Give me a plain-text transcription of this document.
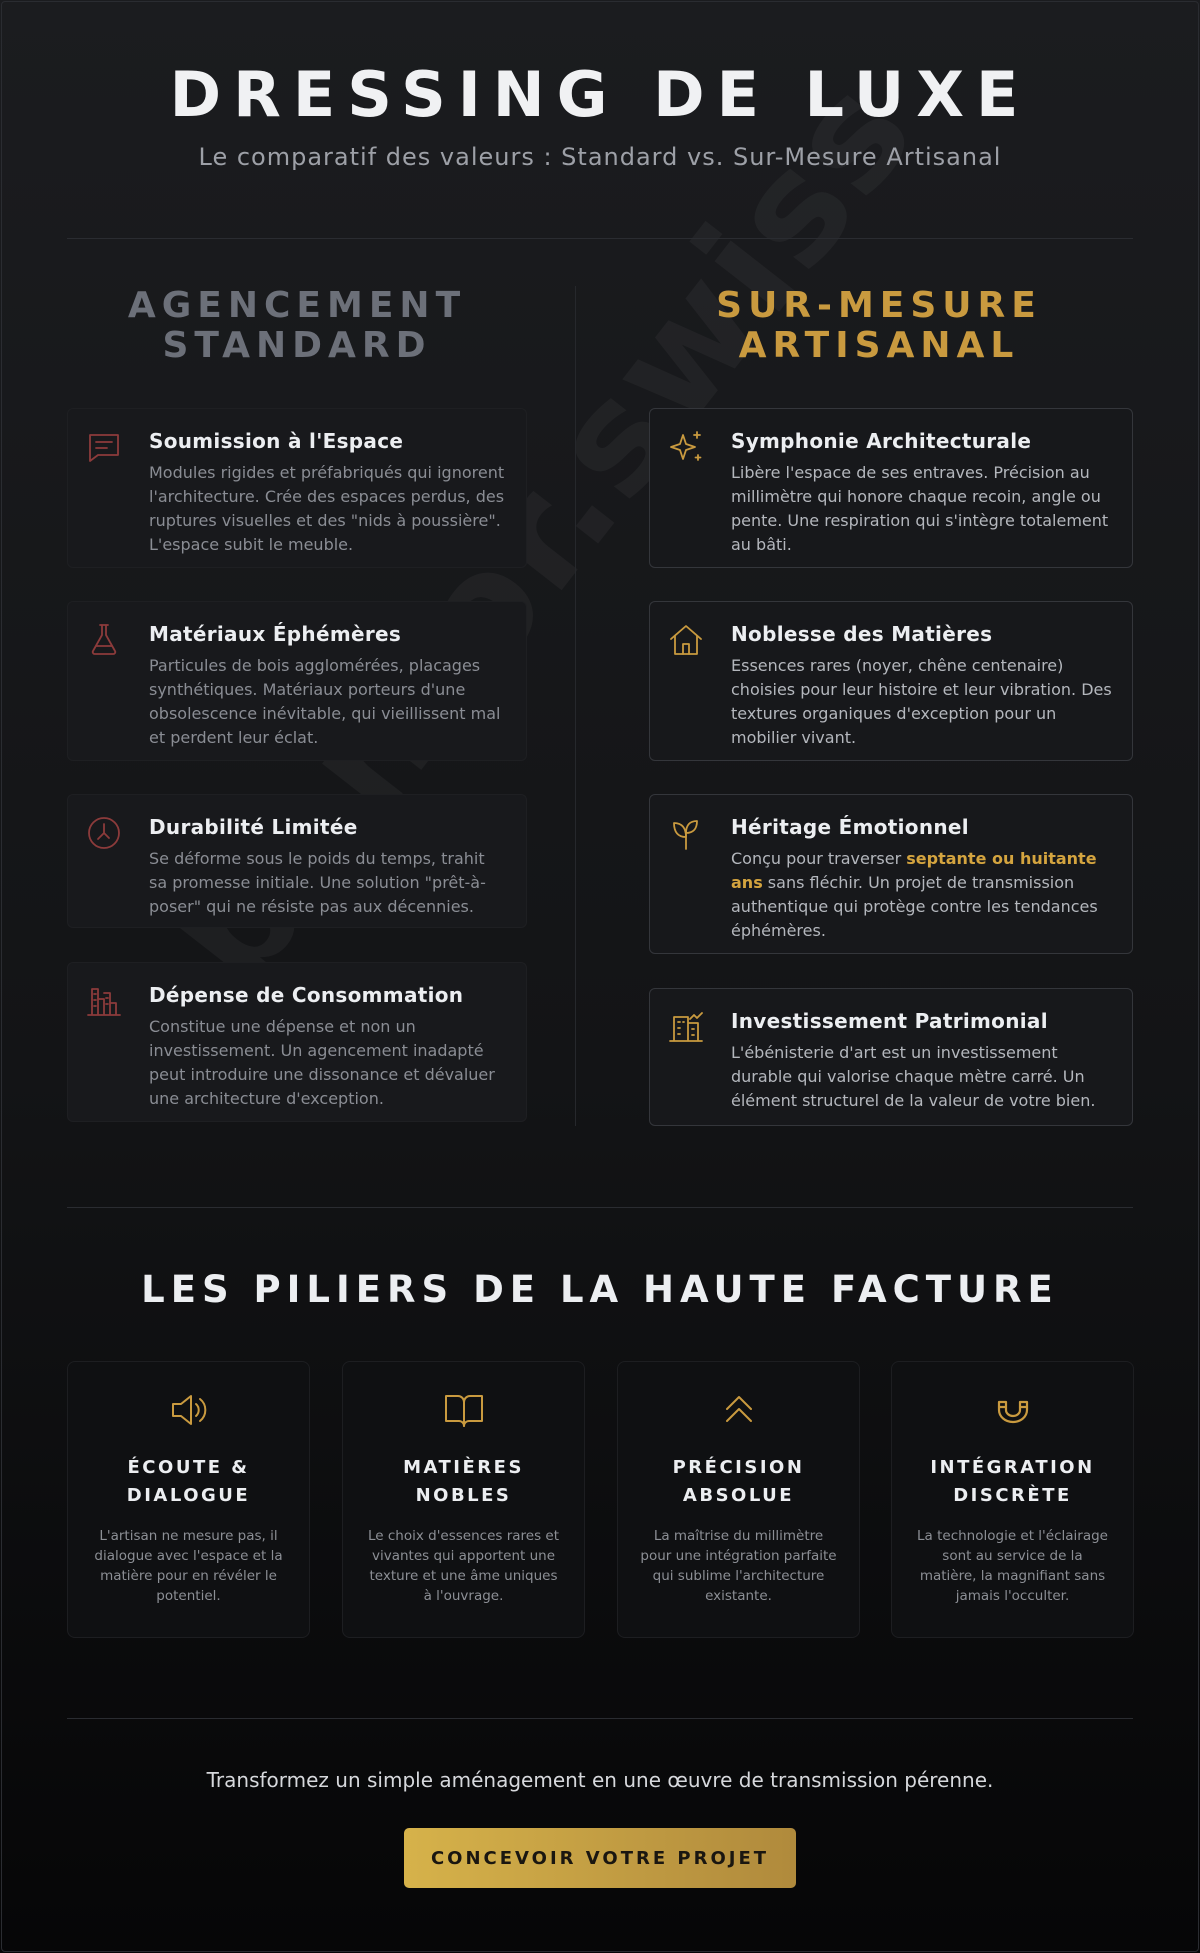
DRESSING DE LUXE
Le comparatif des valeurs : Standard vs. Sur-Mesure Artisanal
AGENCEMENT
STANDARD
Soumission à l'Espace
Modules rigides et préfabriqués qui ignorent l'architecture. Crée des espaces perdus, des ruptures visuelles et des "nids à poussière". L'espace subit le meuble.
Matériaux Éphémères
Particules de bois agglomérées, placages synthétiques. Matériaux porteurs d'une obsolescence inévitable, qui vieillissent mal et perdent leur éclat.
Durabilité Limitée
Se déforme sous le poids du temps, trahit sa promesse initiale. Une solution "prêt-à-poser" qui ne résiste pas aux décennies.
Dépense de Consommation
Constitue une dépense et non un investissement. Un agencement inadapté peut introduire une dissonance et dévaluer une architecture d'exception.
SUR-MESURE
ARTISANAL
Symphonie Architecturale
Libère l'espace de ses entraves. Précision au millimètre qui honore chaque recoin, angle ou pente. Une respiration qui s'intègre totalement au bâti.
Noblesse des Matières
Essences rares (noyer, chêne centenaire) choisies pour leur histoire et leur vibration. Des textures organiques d'exception pour un mobilier vivant.
Héritage Émotionnel
Conçu pour traverser septante ou huitante ans sans fléchir. Un projet de transmission authentique qui protège contre les tendances éphémères.
Investissement Patrimonial
L'ébénisterie d'art est un investissement durable qui valorise chaque mètre carré. Un élément structurel de la valeur de votre bien.
LES PILIERS DE LA HAUTE FACTURE
ÉCOUTE &
DIALOGUE
L'artisan ne mesure pas, il dialogue avec l'espace et la matière pour en révéler le potentiel.
MATIÈRES
NOBLES
Le choix d'essences rares et vivantes qui apportent une texture et une âme uniques à l'ouvrage.
PRÉCISION
ABSOLUE
La maîtrise du millimètre pour une intégration parfaite qui sublime l'architecture existante.
INTÉGRATION
DISCRÈTE
La technologie et l'éclairage sont au service de la matière, la magnifiant sans jamais l'occulter.
Transformez un simple aménagement en une œuvre de transmission pérenne.
CONCEVOIR VOTRE PROJET
